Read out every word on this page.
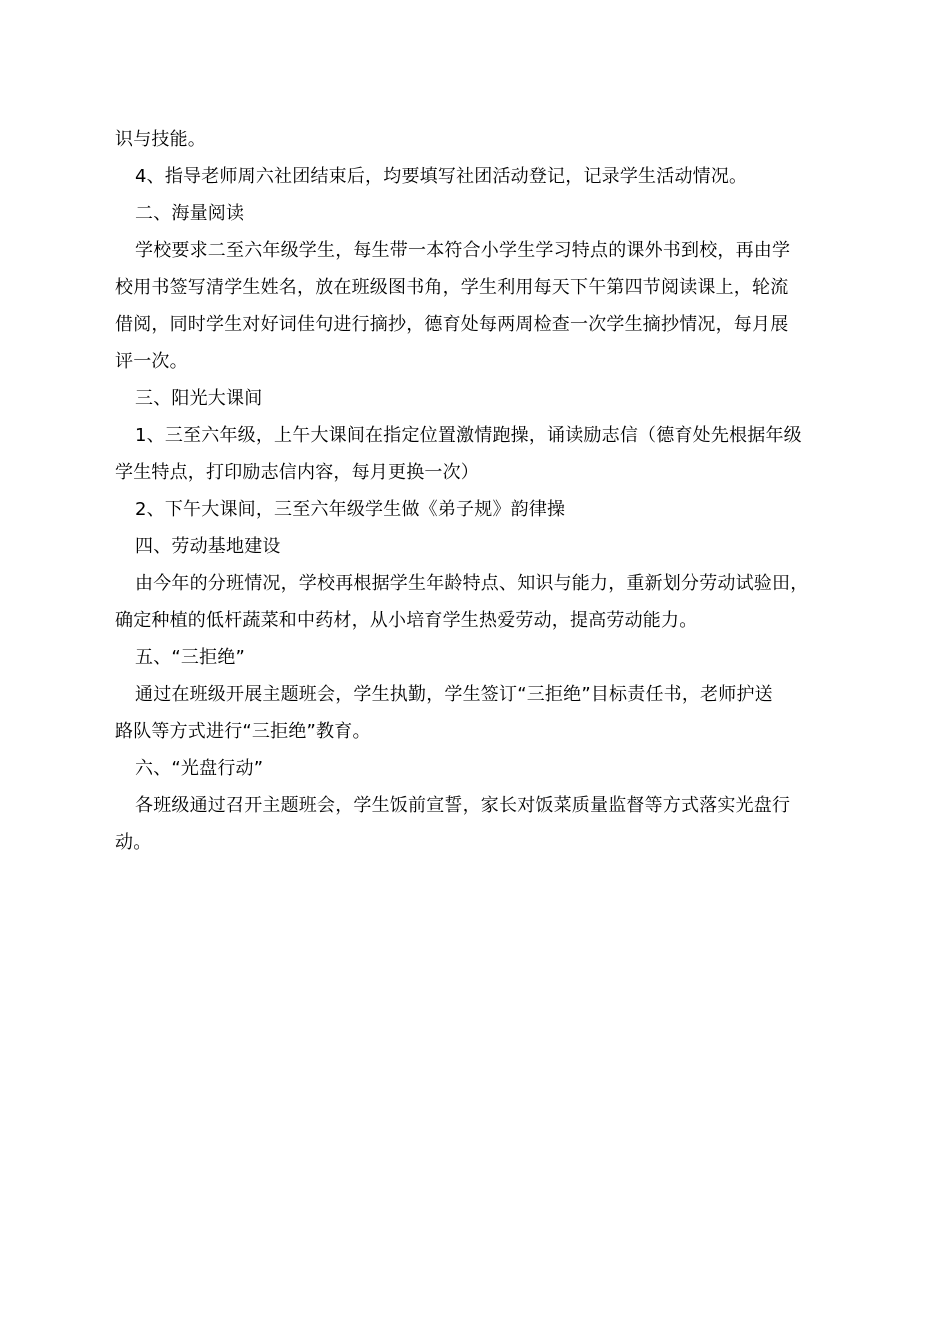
识与技能。
4、指导老师周六社团结束后，均要填写社团活动登记，记录学生活动情况。
二、海量阅读
学校要求二至六年级学生，每生带一本符合小学生学习特点的课外书到校，再由学
校用书签写清学生姓名，放在班级图书角，学生利用每天下午第四节阅读课上，轮流
借阅，同时学生对好词佳句进行摘抄，德育处每两周检查一次学生摘抄情况，每月展
评一次。
三、阳光大课间
1、三至六年级，上午大课间在指定位置激情跑操，诵读励志信（德育处先根据年级
学生特点，打印励志信内容，每月更换一次）
2、下午大课间，三至六年级学生做《弟子规》韵律操
四、劳动基地建设
由今年的分班情况，学校再根据学生年龄特点、知识与能力，重新划分劳动试验田，
确定种植的低杆蔬菜和中药材，从小培育学生热爱劳动，提高劳动能力。
五、“三拒绝”
通过在班级开展主题班会，学生执勤，学生签订“三拒绝”目标责任书，老师护送
路队等方式进行“三拒绝”教育。
六、“光盘行动”
各班级通过召开主题班会，学生饭前宣誓，家长对饭菜质量监督等方式落实光盘行
动。
